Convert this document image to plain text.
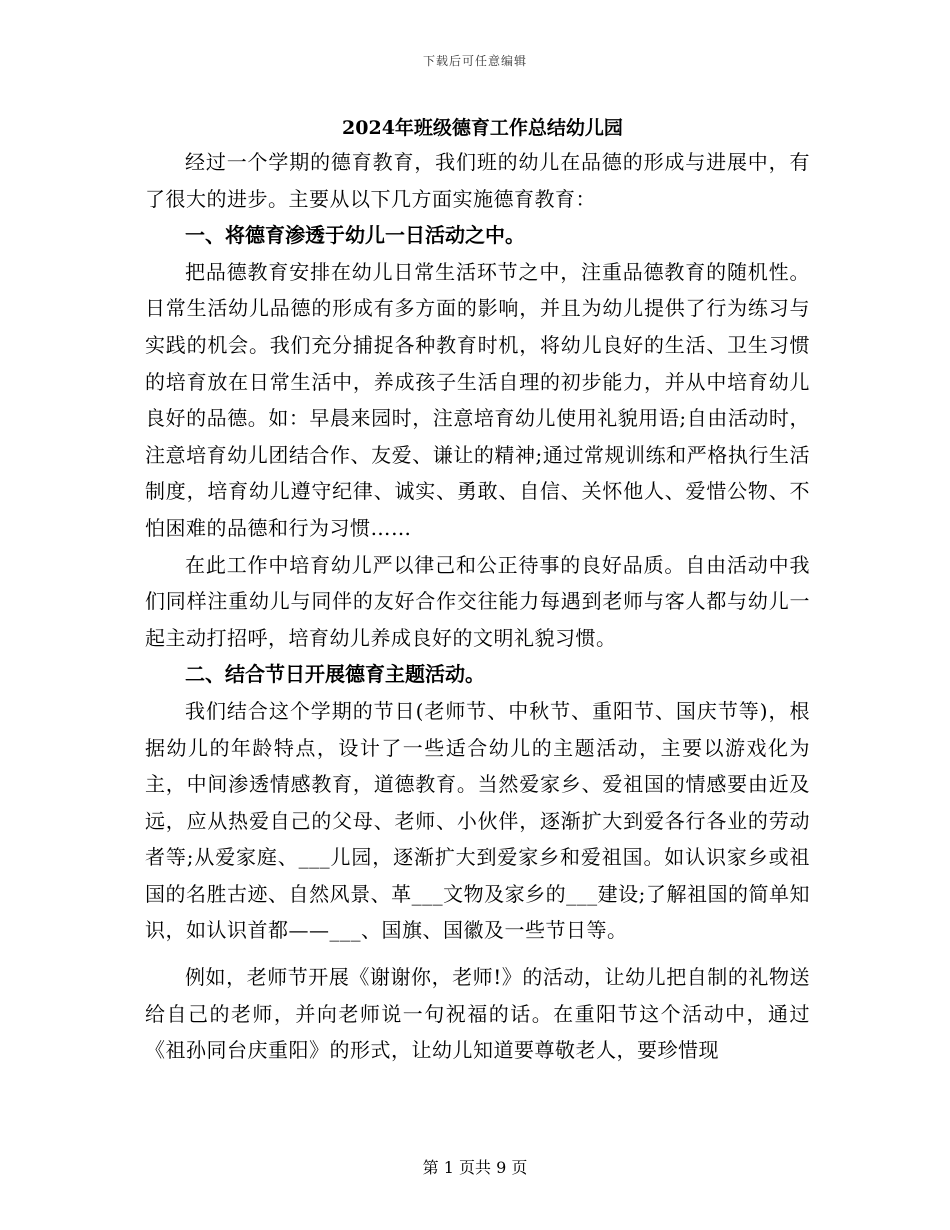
下载后可任意编辑
2024年班级德育工作总结幼儿园

经过一个学期的德育教育，我们班的幼儿在品德的形成与进展中，有了很大的进步。主要从以下几方面实施德育教育：

一、将德育渗透于幼儿一日活动之中。

把品德教育安排在幼儿日常生活环节之中，注重品德教育的随机性。日常生活幼儿品德的形成有多方面的影响，并且为幼儿提供了行为练习与实践的机会。我们充分捕捉各种教育时机，将幼儿良好的生活、卫生习惯的培育放在日常生活中，养成孩子生活自理的初步能力，并从中培育幼儿良好的品德。如：早晨来园时，注意培育幼儿使用礼貌用语;自由活动时，注意培育幼儿团结合作、友爱、谦让的精神;通过常规训练和严格执行生活制度，培育幼儿遵守纪律、诚实、勇敢、自信、关怀他人、爱惜公物、不怕困难的品德和行为习惯……

在此工作中培育幼儿严以律己和公正待事的良好品质。自由活动中我们同样注重幼儿与同伴的友好合作交往能力每遇到老师与客人都与幼儿一起主动打招呼，培育幼儿养成良好的文明礼貌习惯。

二、结合节日开展德育主题活动。

我们结合这个学期的节日(老师节、中秋节、重阳节、国庆节等)，根据幼儿的年龄特点，设计了一些适合幼儿的主题活动，主要以游戏化为主，中间渗透情感教育，道德教育。当然爱家乡、爱祖国的情感要由近及远，应从热爱自己的父母、老师、小伙伴，逐渐扩大到爱各行各业的劳动者等;从爱家庭、___儿园，逐渐扩大到爱家乡和爱祖国。如认识家乡或祖国的名胜古迹、自然风景、革___文物及家乡的___建设;了解祖国的简单知识，如认识首都——___、国旗、国徽及一些节日等。

例如，老师节开展《谢谢你，老师!》的活动，让幼儿把自制的礼物送给自己的老师，并向老师说一句祝福的话。在重阳节这个活动中，通过《祖孙同台庆重阳》的形式，让幼儿知道要尊敬老人，要珍惜现

第 1 页共 9 页
